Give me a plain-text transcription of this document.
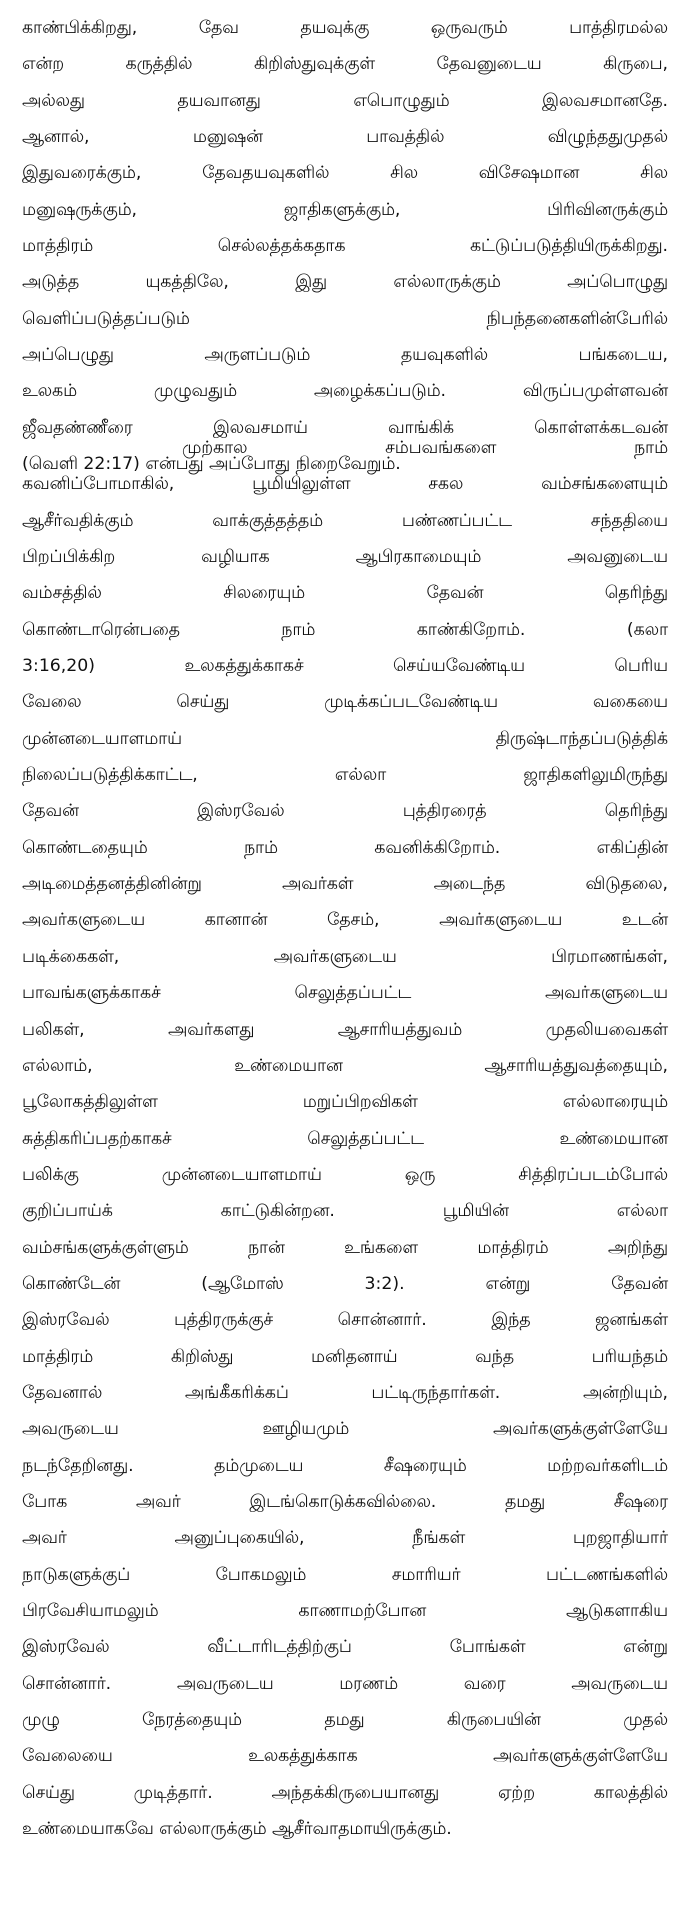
காண்பிக்கிறது, தேவ தயவுக்கு ஒருவரும் பாத்திரமல்ல
என்ற கருத்தில் கிறிஸ்துவுக்குள் தேவனுடைய கிருபை,
அல்லது தயவானது எபொழுதும் இலவசமானதே.
ஆனால், மனுஷன் பாவத்தில் விழுந்ததுமுதல்
இதுவரைக்கும், தேவதயவுகளில் சில விசேஷமான சில
மனுஷருக்கும், ஜாதிகளுக்கும், பிரிவினருக்கும்
மாத்திரம் செல்லத்தக்கதாக கட்டுப்படுத்தியிருக்கிறது.
அடுத்த யுகத்திலே, இது எல்லாருக்கும் அப்பொழுது
வெளிப்படுத்தப்படும் நிபந்தனைகளின்பேரில்
அப்பெழுது அருளப்படும் தயவுகளில் பங்கடைய,
உலகம் முழுவதும் அழைக்கப்படும். விருப்பமுள்ளவன்
ஜீவதண்ணீரை இலவசமாய் வாங்கிக் கொள்ளக்கடவன்
(வெளி 22:17) என்பது அப்போது நிறைவேறும்.
முற்கால சம்பவங்களை நாம்
கவனிப்போமாகில், பூமியிலுள்ள சகல வம்சங்களையும்
ஆசீர்வதிக்கும் வாக்குத்தத்தம் பண்ணப்பட்ட சந்ததியை
பிறப்பிக்கிற வழியாக ஆபிரகாமையும் அவனுடைய
வம்சத்தில் சிலரையும் தேவன் தெரிந்து
கொண்டாரென்பதை நாம் காண்கிறோம். (கலா
3:16,20) உலகத்துக்காகச் செய்யவேண்டிய பெரிய
வேலை செய்து முடிக்கப்படவேண்டிய வகையை
முன்னடையாளமாய் திருஷ்டாந்தப்படுத்திக்
நிலைப்படுத்திக்காட்ட, எல்லா ஜாதிகளிலுமிருந்து
தேவன் இஸ்ரவேல் புத்திரரைத் தெரிந்து
கொண்டதையும் நாம் கவனிக்கிறோம். எகிப்தின்
அடிமைத்தனத்தினின்று அவர்கள் அடைந்த விடுதலை,
அவர்களுடைய கானான் தேசம், அவர்களுடைய உடன்
படிக்கைகள், அவர்களுடைய பிரமாணங்கள்,
பாவங்களுக்காகச் செலுத்தப்பட்ட அவர்களுடைய
பலிகள், அவர்களது ஆசாரியத்துவம் முதலியவைகள்
எல்லாம், உண்மையான ஆசாரியத்துவத்தையும்,
பூலோகத்திலுள்ள மறுப்பிறவிகள் எல்லாரையும்
சுத்திகரிப்பதற்காகச் செலுத்தப்பட்ட உண்மையான
பலிக்கு முன்னடையாளமாய் ஒரு சித்திரப்படம்போல்
குறிப்பாய்க் காட்டுகின்றன. பூமியின் எல்லா
வம்சங்களுக்குள்ளும் நான் உங்களை மாத்திரம் அறிந்து
கொண்டேன் (ஆமோஸ் 3:2). என்று தேவன்
இஸ்ரவேல் புத்திரருக்குச் சொன்னார். இந்த ஜனங்கள்
மாத்திரம் கிறிஸ்து மனிதனாய் வந்த பரியந்தம்
தேவனால் அங்கீகரிக்கப் பட்டிருந்தார்கள். அன்றியும்,
அவருடைய ஊழியமும் அவர்களுக்குள்ளேயே
நடந்தேறினது. தம்முடைய சீஷரையும் மற்றவர்களிடம்
போக அவர் இடங்கொடுக்கவில்லை. தமது சீஷரை
அவர் அனுப்புகையில், நீங்கள் புறஜாதியார்
நாடுகளுக்குப் போகமலும் சமாரியர் பட்டணங்களில்
பிரவேசியாமலும் காணாமற்போன ஆடுகளாகிய
இஸ்ரவேல் வீட்டாரிடத்திற்குப் போங்கள் என்று
சொன்னார். அவருடைய மரணம் வரை அவருடைய
முழு நேரத்தையும் தமது கிருபையின் முதல்
வேலையை உலகத்துக்காக அவர்களுக்குள்ளேயே
செய்து முடித்தார். அந்தக்கிருபையானது ஏற்ற காலத்தில்
உண்மையாகவே எல்லாருக்கும் ஆசீர்வாதமாயிருக்கும்.
